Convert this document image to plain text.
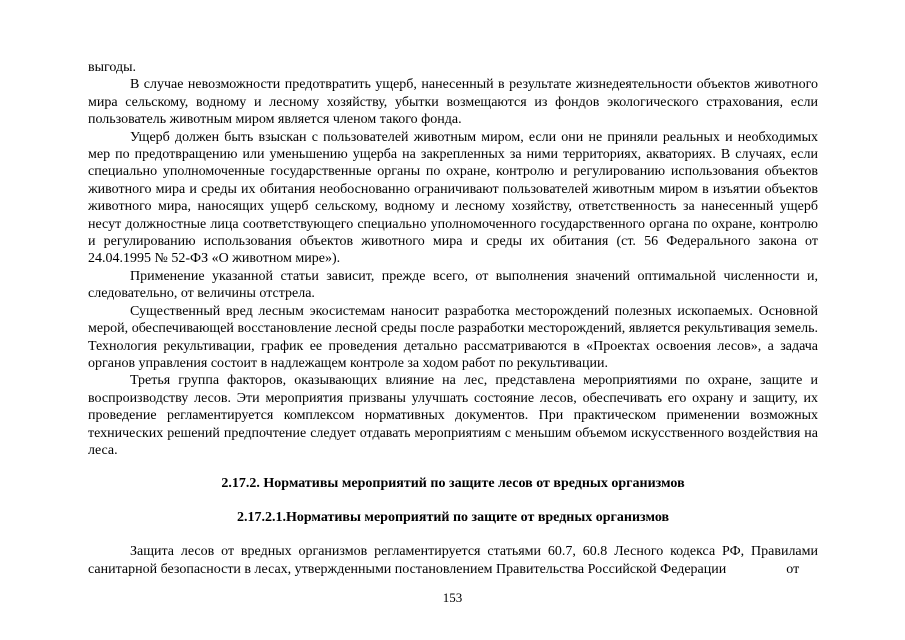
выгоды.

В случае невозможности предотвратить ущерб, нанесенный в результате жизнедеятельности объектов животного мира сельскому, водному и лесному хозяйству, убытки возмещаются из фондов экологического страхования, если пользователь животным миром является членом такого фонда.

Ущерб должен быть взыскан с пользователей животным миром, если они не приняли реальных и необходимых мер по предотвращению или уменьшению ущерба на закрепленных за ними территориях, акваториях. В случаях, если специально уполномоченные государственные органы по охране, контролю и регулированию использования объектов животного мира и среды их обитания необоснованно ограничивают пользователей животным миром в изъятии объектов животного мира, наносящих ущерб сельскому, водному и лесному хозяйству, ответственность за нанесенный ущерб несут должностные лица соответствующего специально уполномоченного государственного органа по охране, контролю и регулированию использования объектов животного мира и среды их обитания (ст. 56 Федерального закона от 24.04.1995 № 52-ФЗ «О животном мире»).

Применение указанной статьи зависит, прежде всего, от выполнения значений оптимальной численности и, следовательно, от величины отстрела.

Существенный вред лесным экосистемам наносит разработка месторождений полезных ископаемых. Основной мерой, обеспечивающей восстановление лесной среды после разработки месторождений, является рекультивация земель. Технология рекультивации, график ее проведения детально рассматриваются в «Проектах освоения лесов», а задача органов управления состоит в надлежащем контроле за ходом работ по рекультивации.

Третья группа факторов, оказывающих влияние на лес, представлена мероприятиями по охране, защите и воспроизводству лесов. Эти мероприятия призваны улучшать состояние лесов, обеспечивать его охрану и защиту, их проведение регламентируется комплексом нормативных документов. При практическом применении возможных технических решений предпочтение следует отдавать мероприятиям с меньшим объемом искусственного воздействия на леса.

2.17.2. Нормативы мероприятий по защите лесов от вредных организмов
2.17.2.1.Нормативы мероприятий по защите от вредных организмов

Защита лесов от вредных организмов регламентируется статьями 60.7, 60.8 Лесного кодекса РФ, Правилами санитарной безопасности в лесах, утвержденными постановлением Правительства Российской Федерации	от

153
